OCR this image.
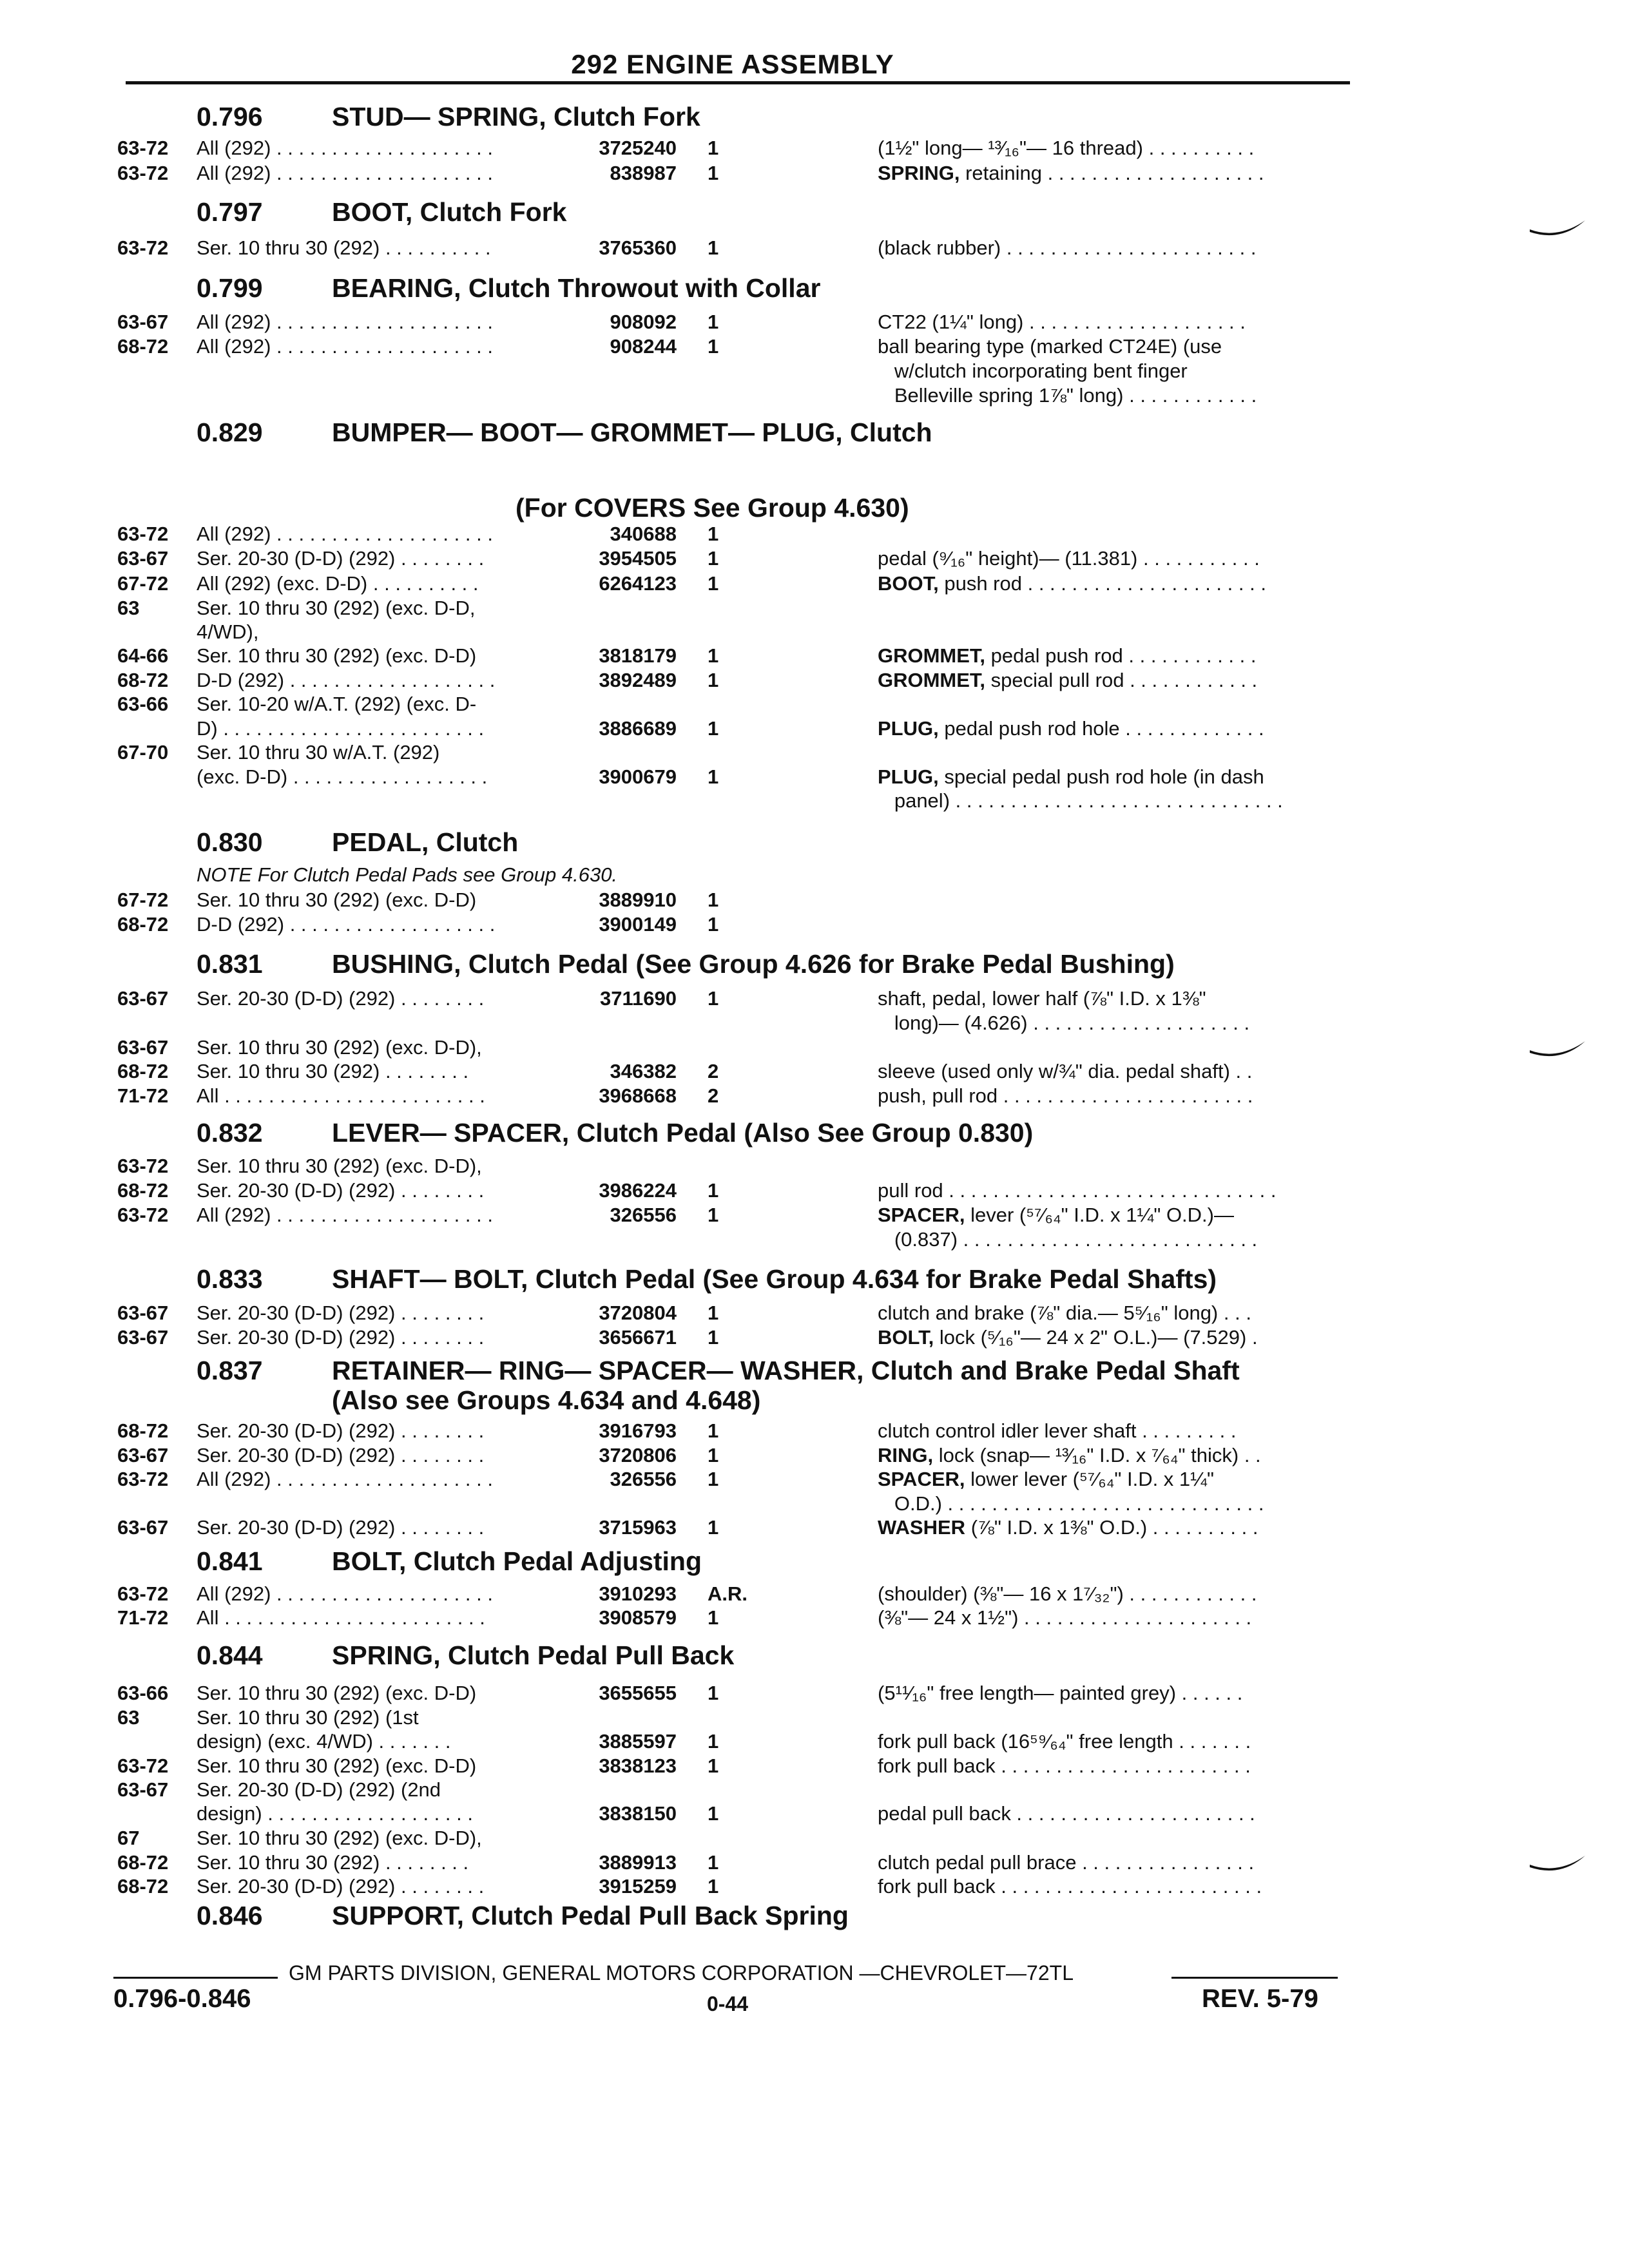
292 ENGINE ASSEMBLY
0.796	STUD— SPRING, Clutch Fork
0.797	BOOT, Clutch Fork
0.799	BEARING, Clutch Throwout with Collar
0.829	BUMPER— BOOT— GROMMET— PLUG, Clutch
(For COVERS See Group 4.630)
0.830	PEDAL, Clutch
NOTE For Clutch Pedal Pads see Group 4.630.
0.831	BUSHING, Clutch Pedal (See Group 4.626 for Brake Pedal Bushing)
0.832	LEVER— SPACER, Clutch Pedal (Also See Group 0.830)
0.833	SHAFT— BOLT, Clutch Pedal (See Group 4.634 for Brake Pedal Shafts)
0.837	RETAINER— RING— SPACER— WASHER, Clutch and Brake Pedal Shaft
(Also see Groups 4.634 and 4.648)
0.841	BOLT, Clutch Pedal Adjusting
0.844	SPRING, Clutch Pedal Pull Back
0.846	SUPPORT, Clutch Pedal Pull Back Spring
63-72 All (292) . . . . . . . . . . . . . . . . . . . .	3725240 1	(1½" long— ¹³⁄₁₆"— 16 thread) . . . . . . . . . .
63-72 All (292) . . . . . . . . . . . . . . . . . . . .	838987 1	SPRING, retaining . . . . . . . . . . . . . . . . . . . .
63-72 Ser. 10 thru 30 (292) . . . . . . . . . .	3765360 1	(black rubber) . . . . . . . . . . . . . . . . . . . . . . .
63-67 All (292) . . . . . . . . . . . . . . . . . . . .	908092 1	CT22 (1¼" long) . . . . . . . . . . . . . . . . . . . .
68-72 All (292) . . . . . . . . . . . . . . . . . . . .	908244 1	ball bearing type (marked CT24E) (use
w/clutch incorporating bent finger
Belleville spring 1⅞" long) . . . . . . . . . . . .
63-72 All (292) . . . . . . . . . . . . . . . . . . . .	340688 1
63-67 Ser. 20-30 (D-D) (292) . . . . . . . .	3954505 1	pedal (⁹⁄₁₆" height)— (11.381) . . . . . . . . . . .
67-72 All (292) (exc. D-D) . . . . . . . . . .	6264123 1	BOOT, push rod . . . . . . . . . . . . . . . . . . . . . .
63	Ser. 10 thru 30 (292) (exc. D-D,
4/WD),
64-66 Ser. 10 thru 30 (292) (exc. D-D)	3818179 1	GROMMET, pedal push rod . . . . . . . . . . . .
68-72 D-D (292) . . . . . . . . . . . . . . . . . . .	3892489 1	GROMMET, special pull rod . . . . . . . . . . . .
63-66 Ser. 10-20 w/A.T. (292) (exc. D-
D) . . . . . . . . . . . . . . . . . . . . . . . .	3886689 1	PLUG, pedal push rod hole . . . . . . . . . . . . .
67-70 Ser. 10 thru 30 w/A.T. (292)
(exc. D-D) . . . . . . . . . . . . . . . . . .	3900679 1	PLUG, special pedal push rod hole (in dash
panel) . . . . . . . . . . . . . . . . . . . . . . . . . . . . . .
67-72 Ser. 10 thru 30 (292) (exc. D-D)	3889910 1
68-72 D-D (292) . . . . . . . . . . . . . . . . . . .	3900149 1
63-67 Ser. 20-30 (D-D) (292) . . . . . . . .	3711690 1	shaft, pedal, lower half (⅞" I.D. x 1⅜"
long)— (4.626) . . . . . . . . . . . . . . . . . . . .
63-67 Ser. 10 thru 30 (292) (exc. D-D),
68-72 Ser. 10 thru 30 (292) . . . . . . . .	346382 2	sleeve (used only w/¾" dia. pedal shaft) . .
71-72 All . . . . . . . . . . . . . . . . . . . . . . . .	3968668 2	push, pull rod . . . . . . . . . . . . . . . . . . . . . . .
63-72 Ser. 10 thru 30 (292) (exc. D-D),
68-72 Ser. 20-30 (D-D) (292) . . . . . . . .	3986224 1	pull rod . . . . . . . . . . . . . . . . . . . . . . . . . . . . . .
63-72 All (292) . . . . . . . . . . . . . . . . . . . .	326556 1	SPACER, lever (⁵⁷⁄₆₄" I.D. x 1¼" O.D.)—
(0.837) . . . . . . . . . . . . . . . . . . . . . . . . . . .
63-67 Ser. 20-30 (D-D) (292) . . . . . . . .	3720804 1	clutch and brake (⅞" dia.— 5⁵⁄₁₆" long) . . .
63-67 Ser. 20-30 (D-D) (292) . . . . . . . .	3656671 1	BOLT, lock (⁵⁄₁₆"— 24 x 2" O.L.)— (7.529) .
68-72 Ser. 20-30 (D-D) (292) . . . . . . . .	3916793 1	clutch control idler lever shaft . . . . . . . . .
63-67 Ser. 20-30 (D-D) (292) . . . . . . . .	3720806 1	RING, lock (snap— ¹³⁄₁₆" I.D. x ⁷⁄₆₄" thick) . .
63-72 All (292) . . . . . . . . . . . . . . . . . . . .	326556 1	SPACER, lower lever (⁵⁷⁄₆₄" I.D. x 1¼"
O.D.) . . . . . . . . . . . . . . . . . . . . . . . . . . . . .
63-67 Ser. 20-30 (D-D) (292) . . . . . . . .	3715963 1	WASHER (⅞" I.D. x 1⅜" O.D.) . . . . . . . . . .
63-72 All (292) . . . . . . . . . . . . . . . . . . . .	3910293 A.R.	(shoulder) (⅜"— 16 x 1⁷⁄₃₂") . . . . . . . . . . . .
71-72 All . . . . . . . . . . . . . . . . . . . . . . . .	3908579 1	(⅜"— 24 x 1½") . . . . . . . . . . . . . . . . . . . . .
63-66 Ser. 10 thru 30 (292) (exc. D-D)	3655655 1	(5¹¹⁄₁₆" free length— painted grey) . . . . . .
63	Ser. 10 thru 30 (292) (1st
design) (exc. 4/WD) . . . . . . .	3885597 1	fork pull back (16⁵⁹⁄₆₄" free length . . . . . . .
63-72 Ser. 10 thru 30 (292) (exc. D-D)	3838123 1	fork pull back . . . . . . . . . . . . . . . . . . . . . . .
63-67 Ser. 20-30 (D-D) (292) (2nd
design) . . . . . . . . . . . . . . . . . . .	3838150 1	pedal pull back . . . . . . . . . . . . . . . . . . . . . .
67	Ser. 10 thru 30 (292) (exc. D-D),
68-72 Ser. 10 thru 30 (292) . . . . . . . .	3889913 1	clutch pedal pull brace . . . . . . . . . . . . . . . .
68-72 Ser. 20-30 (D-D) (292) . . . . . . . .	3915259 1	fork pull back . . . . . . . . . . . . . . . . . . . . . . . .
GM PARTS DIVISION, GENERAL MOTORS CORPORATION —CHEVROLET—72TL
0.796-0.846	0-44	REV. 5-79
